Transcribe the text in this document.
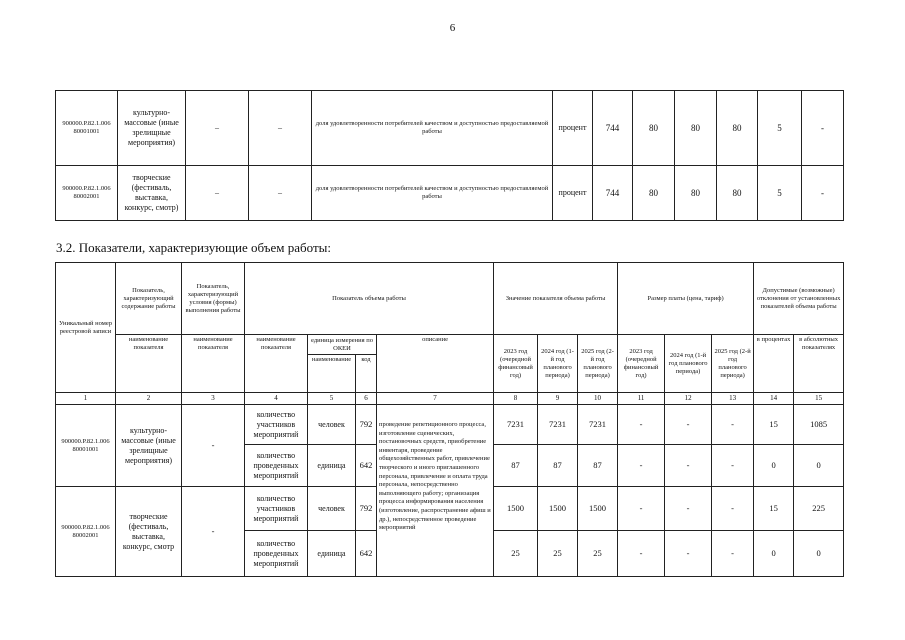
6
900000.Р.82.1.006 80001001	культурно-массовые (иные зрелищные мероприятия)	–	–	доля удовлетворенности потребителей качеством и доступностью предоставляемой работы	процент	744	80	80	80	5	-
900000.Р.82.1.006 80002001	творческие (фестиваль, выставка, конкурс, смотр)	–	–	доля удовлетворенности потребителей качеством и доступностью предоставляемой работы	процент	744	80	80	80	5	-
3.2. Показатели, характеризующие объем работы:
Уникальный номер реестровой записи	Показатель, характеризующий содержание работы	Показатель, характеризующий условия (формы) выполнения работы	Показатель объема работы				Значение показателя объема работы			Размер платы (цена, тариф)			Допустимые (возможные) отклонения от установленных показателей объема работы	
	наименование показателя	наименование показателя	наименование показателя	единица измерения по ОКЕИ		описание	2023 год (очередной финансовый год)	2024 год (1-й год планового периода)	2025 год (2-й год планового периода)	2023 год (очередной финансовый год)	2024 год (1-й год планового периода)	2025 год (2-й год планового периода)	в процентах	в абсолютных показателях
				наименование	код									
1	2	3	4	5	6	7	8	9	10	11	12	13	14	15
900000.Р.82.1.006 80001001	культурно-массовые (иные зрелищные мероприятия)	-	количество участников мероприятий	человек	792	проведение репетиционного процесса, изготовление сценических, постановочных средств, приобретение инвентаря, проведение общехозяйственных работ, привлечение творческого и иного приглашенного персонала, привлечение и оплата труда персонала, непосредственно выполняющего работу; организация процесса информирования населения (изготовление, распространение афиш и др.), непосредственное проведение мероприятий	7231	7231	7231	-	-	-	15	1085
			количество проведенных мероприятий	единица	642		87	87	87	-	-	-	0	0
900000.Р.82.1.006 80002001	творческие (фестиваль, выставка, конкурс, смотр	-	количество участников мероприятий	человек	792		1500	1500	1500	-	-	-	15	225
			количество проведенных мероприятий	единица	642		25	25	25	-	-	-	0	0
